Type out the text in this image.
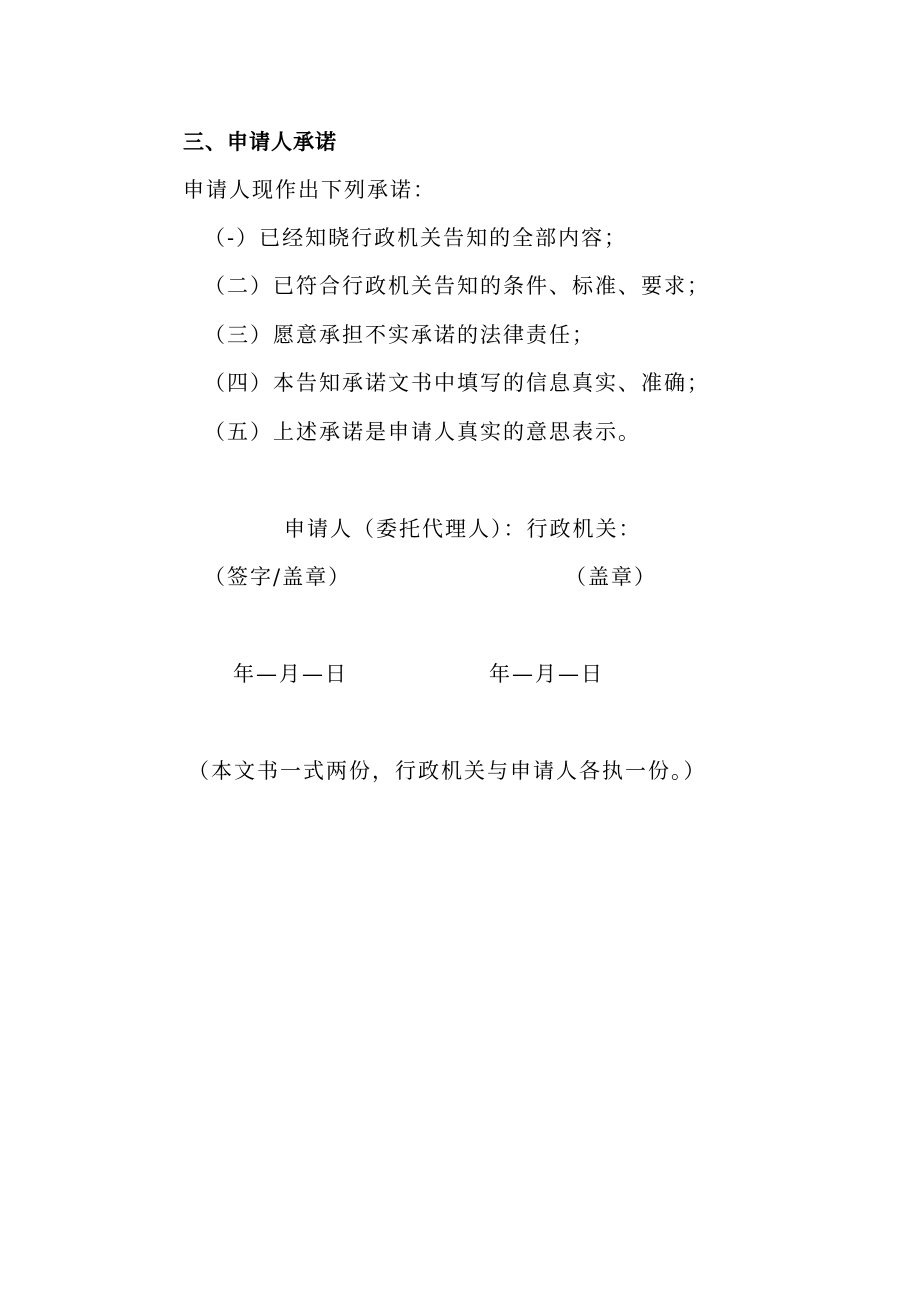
三、申请人承诺
申请人现作出下列承诺：
（-）已经知晓行政机关告知的全部内容；
（二）已符合行政机关告知的条件、标准、要求；
（三）愿意承担不实承诺的法律责任；
（四）本告知承诺文书中填写的信息真实、准确；
（五）上述承诺是申请人真实的意思表示。
申请人（委托代理人）：行政机关：
（签字/盖章）	（盖章）
年—月—日	年—月—日
（本文书一式两份，行政机关与申请人各执一份。）
